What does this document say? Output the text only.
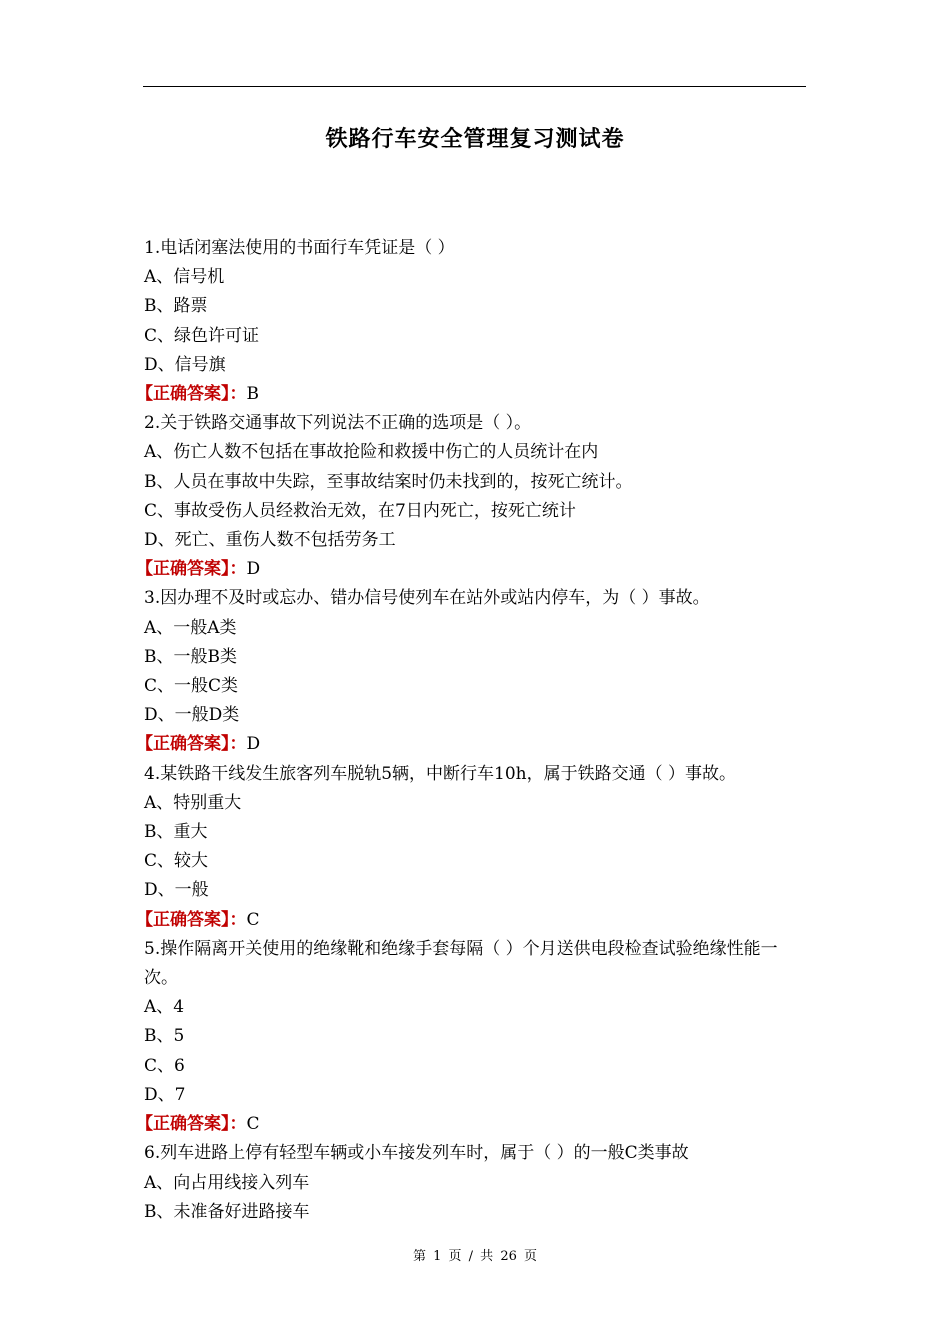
铁路行车安全管理复习测试卷
1.电话闭塞法使用的书面行车凭证是（ ）
A、信号机
B、路票
C、绿色许可证
D、信号旗
【正确答案】：B
2.关于铁路交通事故下列说法不正确的选项是（ ）。
A、伤亡人数不包括在事故抢险和救援中伤亡的人员统计在内
B、人员在事故中失踪，至事故结案时仍未找到的，按死亡统计。
C、事故受伤人员经救治无效，在7日内死亡，按死亡统计
D、死亡、重伤人数不包括劳务工
【正确答案】：D
3.因办理不及时或忘办、错办信号使列车在站外或站内停车，为（ ）事故。
A、一般A类
B、一般B类
C、一般C类
D、一般D类
【正确答案】：D
4.某铁路干线发生旅客列车脱轨5辆，中断行车10h，属于铁路交通（ ）事故。
A、特别重大
B、重大
C、较大
D、一般
【正确答案】：C
5.操作隔离开关使用的绝缘靴和绝缘手套每隔（ ）个月送供电段检查试验绝缘性能一次。
A、4
B、5
C、6
D、7
【正确答案】：C
6.列车进路上停有轻型车辆或小车接发列车时，属于（ ）的一般C类事故
A、向占用线接入列车
B、未准备好进路接车
第 1 页 / 共 26 页
